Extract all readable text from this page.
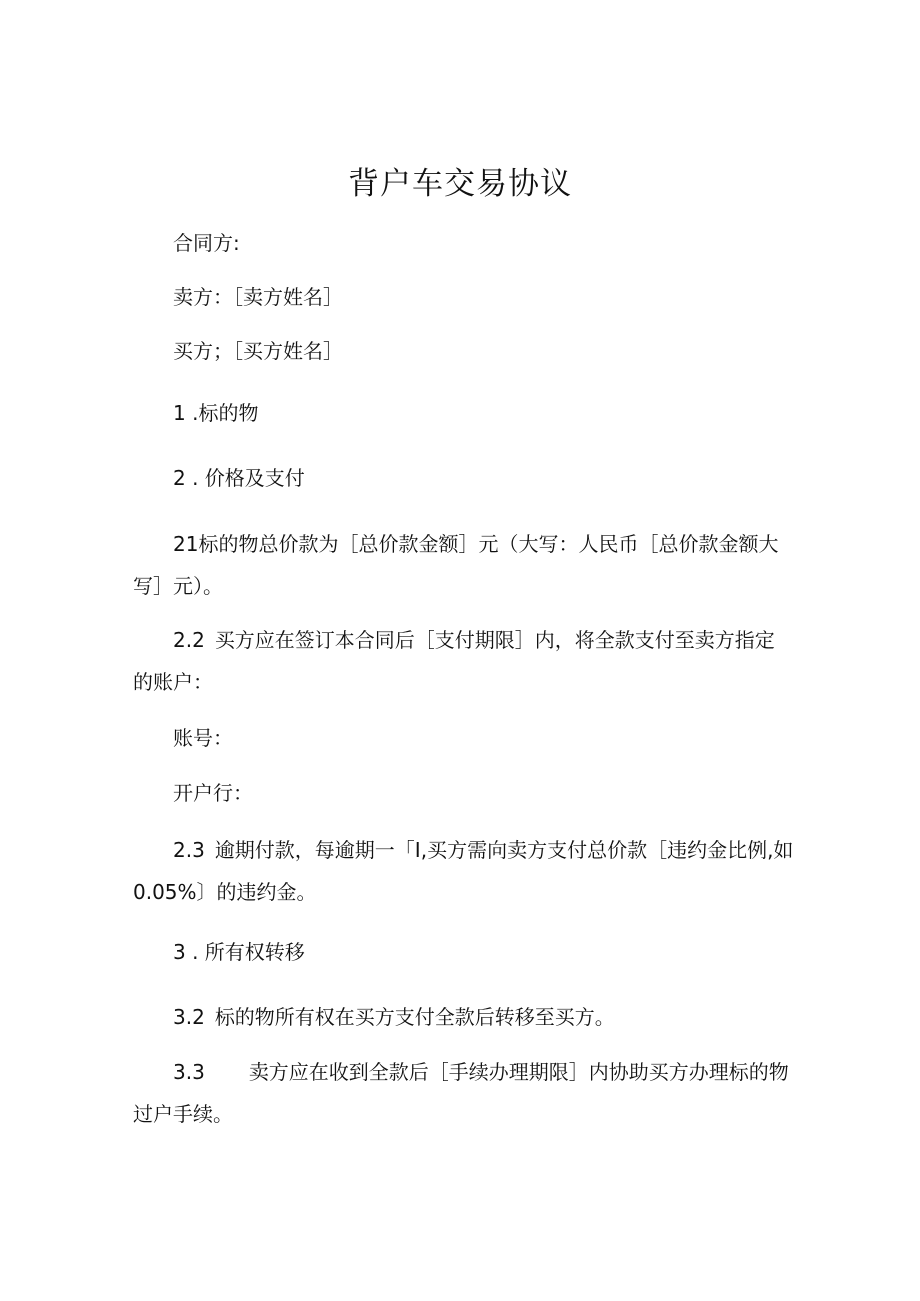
背户车交易协议
合同方:
卖方：［卖方姓名］
买方；［买方姓名］
1 .标的物
2 . 价格及支付
21标的物总价款为［总价款金额］元（大写：人民币［总价款金额大
写］元）。
2.2 买方应在签订本合同后［支付期限］内，将全款支付至卖方指定
的账户：
账号：
开户行：
2.3 逾期付款，每逾期一「I,买方需向卖方支付总价款［违约金比例,如
0.05%〕的违约金。
3 . 所有权转移
3.2 标的物所有权在买方支付全款后转移至买方。
3.3 卖方应在收到全款后［手续办理期限］内协助买方办理标的物
过户手续。
